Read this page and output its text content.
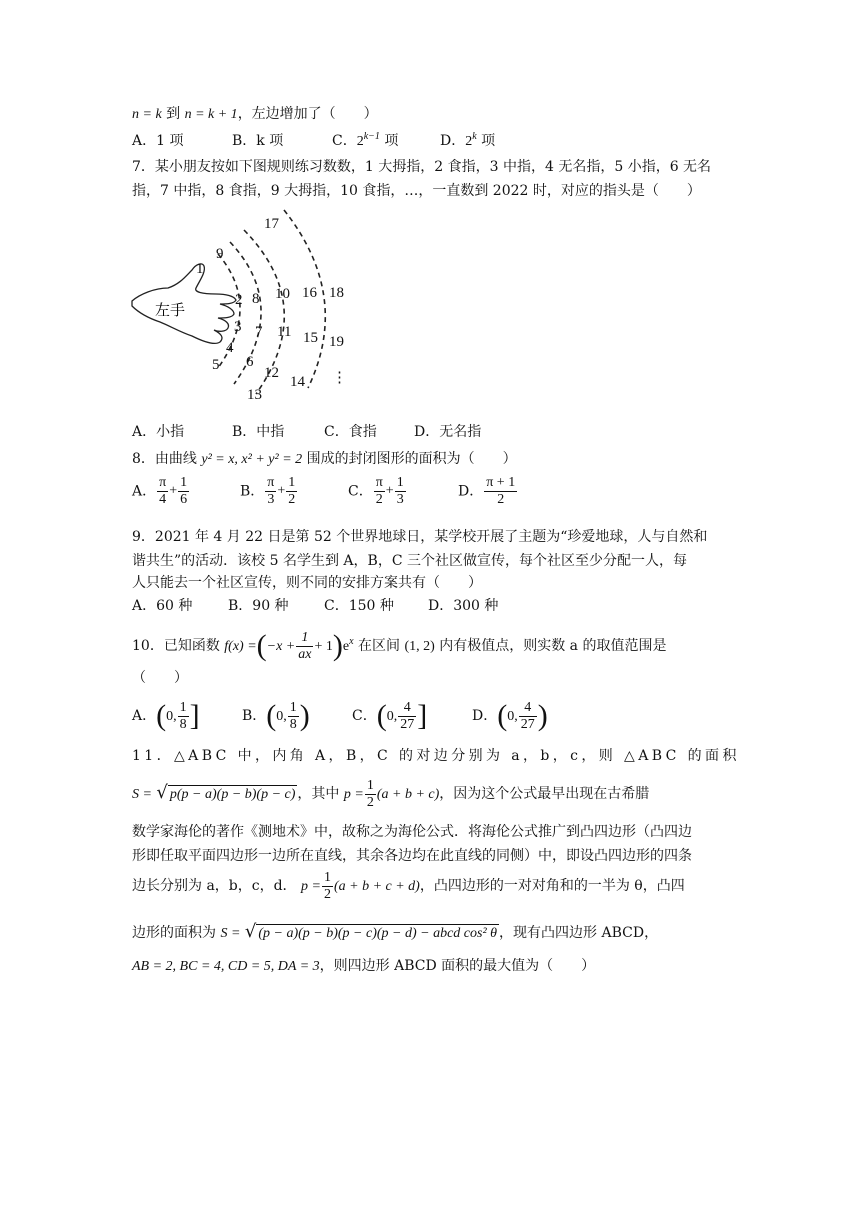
n = k 到 n = k + 1，左边增加了（　　）
A．1 项	B．k 项	C．$2^{k-1}$ 项	D．2$^k$ 项
7．某小朋友按如下图规则练习数数，1 大拇指，2 食指，3 中指，4 无名指，5 小指，6 无名
指，7 中指，8 食指，9 大拇指，10 食指，…，一直数到 2022 时，对应的指头是（　　）
左手
1
2
3
4
5 6
7
8
9
10
11
12
13
14
15
16
17
18
19
⋮
A．小指	B．中指	C．食指	D．无名指
8．由曲线 y² = x, x² + y² = 2 围成的封闭图形的面积为（　　）
A． $\frac{\pi}{4} + \frac{1}{6}$	B． $\frac{\pi}{3} + \frac{1}{2}$	C． $\frac{\pi}{2} + \frac{1}{3}$	D． $\frac{\pi + 1}{2}$
9．2021 年 4 月 22 日是第 52 个世界地球日，某学校开展了主题为“珍爱地球，人与自然和
谐共生”的活动．该校 5 名学生到 A，B，C 三个社区做宣传，每个社区至少分配一人，每
人只能去一个社区宣传，则不同的安排方案共有（　　）
A．60 种	B．90 种	C．150 种 D．300 种
10．已知函数 $f(x) =(-x + \frac{1}{ax} + 1)e^x$ 在区间 (1, 2) 内有极值点，则实数 a 的取值范围是
（　　）
A．(0, $\frac{1}{8}$ ]	B．(0, $\frac{1}{8}$ )	C．(0, $\frac{4}{27}$ ]	D．(0, $\frac{4}{27}$ )
11．△ABC 中，内角 A，B，C 的对边分别为 a，b，c，则 △ABC 的面积
S = √ p(p − a)(p − b)(p − c) ，其中 $p = \frac{1}{2} (a + b + c)$，因为这个公式最早出现在古希腊
数学家海伦的著作《测地术》中，故称之为海伦公式．将海伦公式推广到凸四边形（凸四边
形即任取平面四边形一边所在直线，其余各边均在此直线的同侧）中，即设凸四边形的四条
边长分别为 a，b，c，d． $p = \frac{1}{2} (a + b + c + d)$，凸四边形的一对对角和的一半为 θ，凸四
边形的面积为 S = √ (p − a)(p − b)(p − c)(p − d) − abcd cos² θ ，现有凸四边形 ABCD，
AB = 2, BC = 4, CD = 5, DA = 3，则四边形 ABCD 面积的最大值为（　　）
